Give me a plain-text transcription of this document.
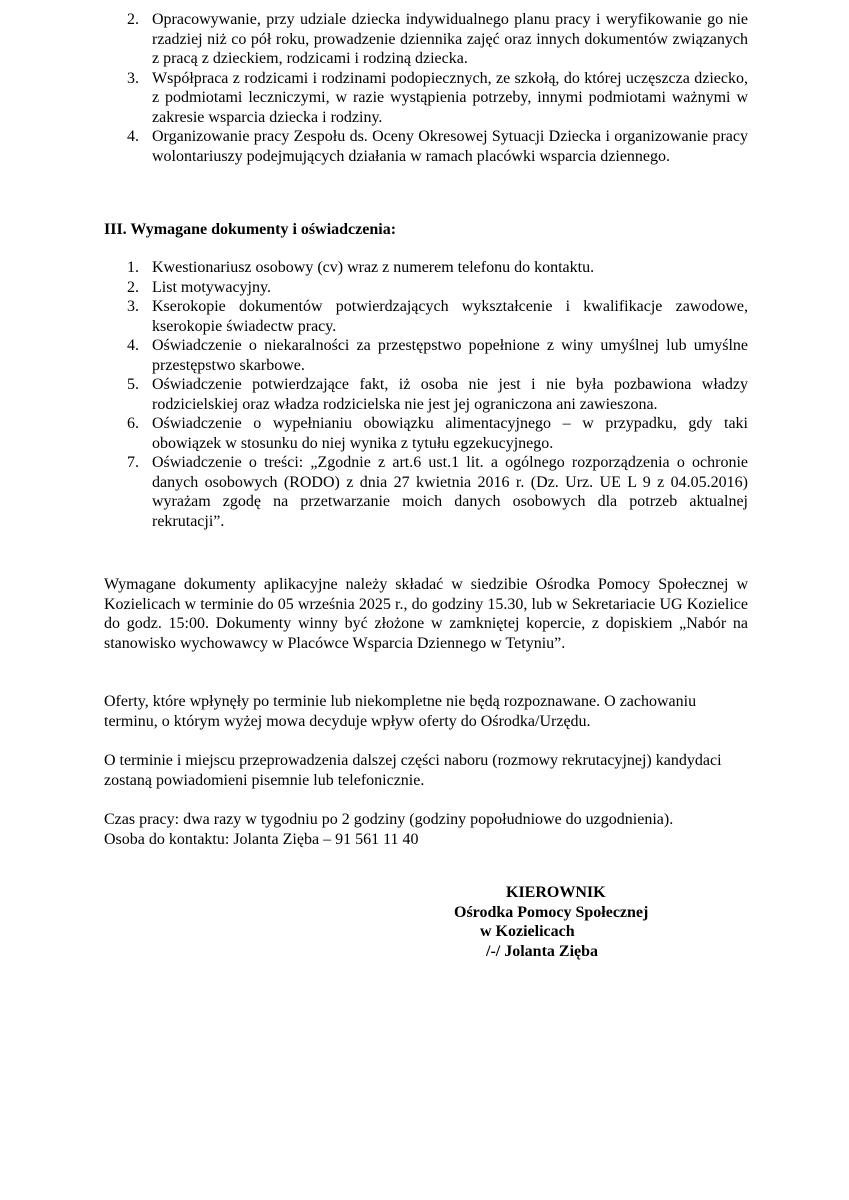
2. Opracowywanie, przy udziale dziecka indywidualnego planu pracy i weryfikowanie go nie rzadziej niż co pół roku, prowadzenie dziennika zajęć oraz innych dokumentów związanych z pracą z dzieckiem, rodzicami i rodziną dziecka.
3. Współpraca z rodzicami i rodzinami podopiecznych, ze szkołą, do której uczęszcza dziecko, z podmiotami leczniczymi, w razie wystąpienia potrzeby, innymi podmiotami ważnymi w zakresie wsparcia dziecka i rodziny.
4. Organizowanie pracy Zespołu ds. Oceny Okresowej Sytuacji Dziecka i organizowanie pracy wolontariuszy podejmujących działania w ramach placówki wsparcia dziennego.
III. Wymagane dokumenty i oświadczenia:
1. Kwestionariusz osobowy (cv) wraz z numerem telefonu do kontaktu.
2. List motywacyjny.
3. Kserokopie dokumentów potwierdzających wykształcenie i kwalifikacje zawodowe, kserokopie świadectw pracy.
4. Oświadczenie o niekaralności za przestępstwo popełnione z winy umyślnej lub umyślne przestępstwo skarbowe.
5. Oświadczenie potwierdzające fakt, iż osoba nie jest i nie była pozbawiona władzy rodzicielskiej oraz władza rodzicielska nie jest jej ograniczona ani zawieszona.
6. Oświadczenie o wypełnianiu obowiązku alimentacyjnego – w przypadku, gdy taki obowiązek w stosunku do niej wynika z tytułu egzekucyjnego.
7. Oświadczenie o treści: „Zgodnie z art.6 ust.1 lit. a ogólnego rozporządzenia o ochronie danych osobowych (RODO) z dnia 27 kwietnia 2016 r. (Dz. Urz. UE L 9 z 04.05.2016) wyrażam zgodę na przetwarzanie moich danych osobowych dla potrzeb aktualnej rekrutacji”.

Wymagane dokumenty aplikacyjne należy składać w siedzibie Ośrodka Pomocy Społecznej w Kozielicach w terminie do 05 września 2025 r., do godziny 15.30, lub w Sekretariacie UG Kozielice do godz. 15:00. Dokumenty winny być złożone w zamkniętej kopercie, z dopiskiem „Nabór na stanowisko wychowawcy w Placówce Wsparcia Dziennego w Tetyniu”.

Oferty, które wpłynęły po terminie lub niekompletne nie będą rozpoznawane. O zachowaniu terminu, o którym wyżej mowa decyduje wpływ oferty do Ośrodka/Urzędu.

O terminie i miejscu przeprowadzenia dalszej części naboru (rozmowy rekrutacyjnej) kandydaci zostaną powiadomieni pisemnie lub telefonicznie.

Czas pracy: dwa razy w tygodniu po 2 godziny (godziny popołudniowe do uzgodnienia).
Osoba do kontaktu: Jolanta Zięba – 91 561 11 40
KIEROWNIK
Ośrodka Pomocy Społecznej
w Kozielicach
/-/ Jolanta Zięba
